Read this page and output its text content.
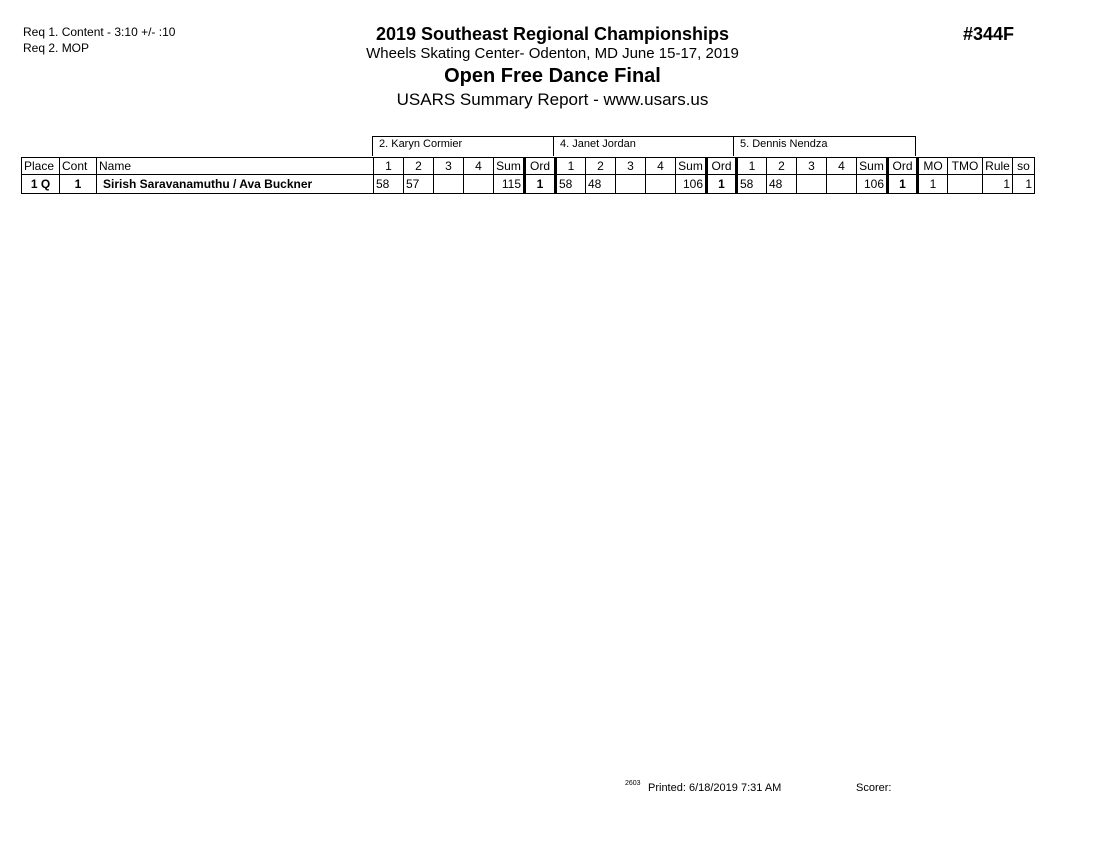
Req 1. Content - 3:10 +/- :10
Req 2. MOP
2019 Southeast Regional Championships
Wheels Skating Center- Odenton, MD June 15-17, 2019
Open Free Dance Final
USARS Summary Report - www.usars.us
#344F
2. Karyn Cormier	4. Janet Jordan	5. Dennis Nendza
Place	Cont	Name	1	2	3	4	Sum	Ord	1	2	3	4	Sum	Ord	1	2	3	4	Sum	Ord	MO	TMO	Rule	so
1 Q	1	Sirish Saravanamuthu / Ava Buckner	58	57			115	1	58	48			106	1	58	48			106	1	1		1	1
2603 Printed: 6/18/2019 7:31 AM	Scorer:
